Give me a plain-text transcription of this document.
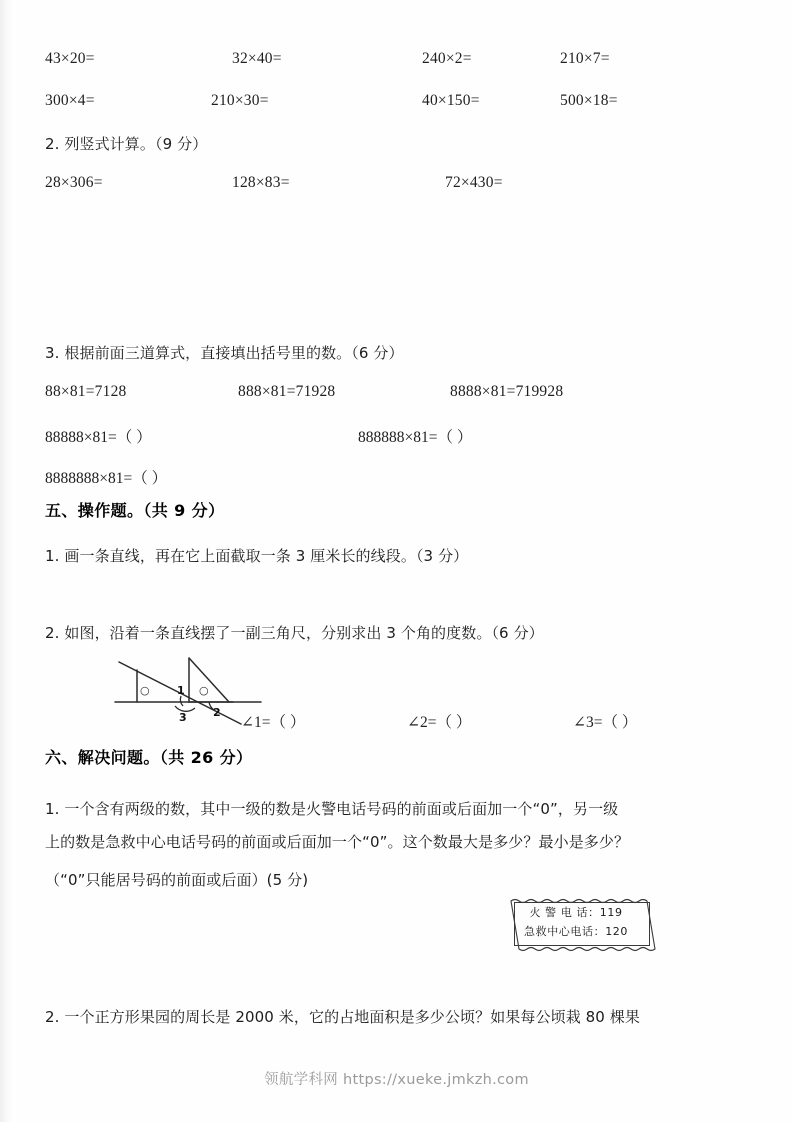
43×20=	32×40=	240×2=	210×7=
300×4=	210×30=	40×150=	500×18=
2. 列竖式计算。（9 分）
28×306=	128×83=	72×430=
3. 根据前面三道算式，直接填出括号里的数。（6 分）
88×81=7128	888×81=71928	8888×81=719928
88888×81=（ ）	888888×81=（ ）
8888888×81=（ ）
五、操作题。（共 9 分）
1. 画一条直线，再在它上面截取一条 3 厘米长的线段。（3 分）
2. 如图，沿着一条直线摆了一副三角尺，分别求出 3 个角的度数。（6 分）
○	○
1
2
3	∠1=（ ）	∠2=（ ）	∠3=（ ）
六、解决问题。（共 26 分）
1. 一个含有两级的数，其中一级的数是火警电话号码的前面或后面加一个“0”，另一级
上的数是急救中心电话号码的前面或后面加一个“0”。这个数最大是多少？最小是多少？
（“0”只能居号码的前面或后面）(5 分)
2. 一个正方形果园的周长是 2000 米，它的占地面积是多少公顷？如果每公顷栽 80 棵果
火 警 电 话：119
急救中心电话：120
领航学科网 https://xueke.jmkzh.com
